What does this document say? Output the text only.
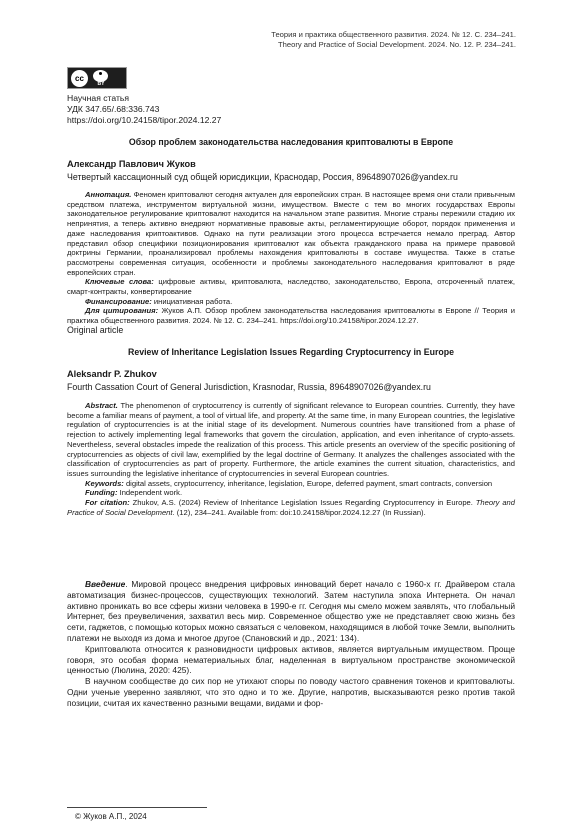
Теория и практика общественного развития. 2024. № 12. С. 234–241.
Theory and Practice of Social Development. 2024. No. 12. P. 234–241.
cc
BY
Научная статья
УДК 347.65/.68:336.743
https://doi.org/10.24158/tipor.2024.12.27
Обзор проблем законодательства наследования криптовалюты в Европе
Александр Павлович Жуков
Четвертый кассационный суд общей юрисдикции, Краснодар, Россия, 89648907026@yandex.ru

Аннотация. Феномен криптовалют сегодня актуален для европейских стран. В настоящее время они стали привычным средством платежа, инструментом виртуальной жизни, имуществом. Вместе с тем во многих государствах Европы законодательное регулирование криптовалют находится на начальном этапе развития. Многие страны пережили стадию их непринятия, а теперь активно внедряют нормативные правовые акты, регламентирующие оборот, порядок применения и даже наследования криптоактивов. Однако на пути реализации этого процесса встречается немало преград. Автор представил обзор специфики позиционирования криптовалют как объекта гражданского права на примере правовой доктрины Германии, проанализировал проблемы нахождения криптовалюты в составе имущества. Также в статье рассмотрены современная ситуация, особенности и проблемы законодательного наследования криптовалют в ряде европейских стран.

Ключевые слова: цифровые активы, криптовалюта, наследство, законодательство, Европа, отсроченный платеж, смарт-контракты, конвертирование

Финансирование: инициативная работа.

Для цитирования: Жуков А.П. Обзор проблем законодательства наследования криптовалюты в Европе // Теория и практика общественного развития. 2024. № 12. С. 234–241. https://doi.org/10.24158/tipor.2024.12.27.

Original article
Review of Inheritance Legislation Issues Regarding Cryptocurrency in Europe
Aleksandr P. Zhukov
Fourth Cassation Court of General Jurisdiction, Krasnodar, Russia, 89648907026@yandex.ru

Abstract. The phenomenon of cryptocurrency is currently of significant relevance to European countries. Currently, they have become a familiar means of payment, a tool of virtual life, and property. At the same time, in many European countries, the legislative regulation of cryptocurrencies is at the initial stage of its development. Numerous countries have transitioned from a phase of rejection to actively implementing legal frameworks that govern the circulation, application, and even inheritance of crypto-assets. Nevertheless, several obstacles impede the realization of this process. This article presents an overview of the specific positioning of cryptocurrencies as objects of civil law, exemplified by the legal doctrine of Germany. It analyzes the challenges associated with the classification of cryptocurrencies as part of property. Furthermore, the article examines the current situation, characteristics, and issues surrounding the legislative inheritance of cryptocurrencies in several European countries.

Keywords: digital assets, cryptocurrency, inheritance, legislation, Europe, deferred payment, smart contracts, conversion

Funding: Independent work.

For citation: Zhukov, A.S. (2024) Review of Inheritance Legislation Issues Regarding Cryptocurrency in Europe. Theory and Practice of Social Development. (12), 234–241. Available from: doi:10.24158/tipor.2024.12.27 (In Russian).

Введение. Мировой процесс внедрения цифровых инноваций берет начало с 1960-х гг. Драйвером стала автоматизация бизнес-процессов, существующих технологий. Затем наступила эпоха Интернета. Он начал активно проникать во все сферы жизни человека в 1990-е гг. Сегодня мы смело можем заявлять, что глобальный Интернет, без преувеличения, захватил весь мир. Современное общество уже не представляет свою жизнь без сети, гаджетов, с помощью которых можно связаться с человеком, находящимся в любой точке Земли, выполнить платежи не выходя из дома и многое другое (Спановский и др., 2021: 134).

Криптовалюта относится к разновидности цифровых активов, является виртуальным имуществом. Проще говоря, это особая форма нематериальных благ, наделенная в виртуальном пространстве экономической ценностью (Люлина, 2020: 425).

В научном сообществе до сих пор не утихают споры по поводу частого сравнения токенов и криптовалюты. Одни ученые уверенно заявляют, что это одно и то же. Другие, напротив, высказываются резко против такой позиции, считая их качественно разными вещами, видами и фор-

© Жуков А.П., 2024
